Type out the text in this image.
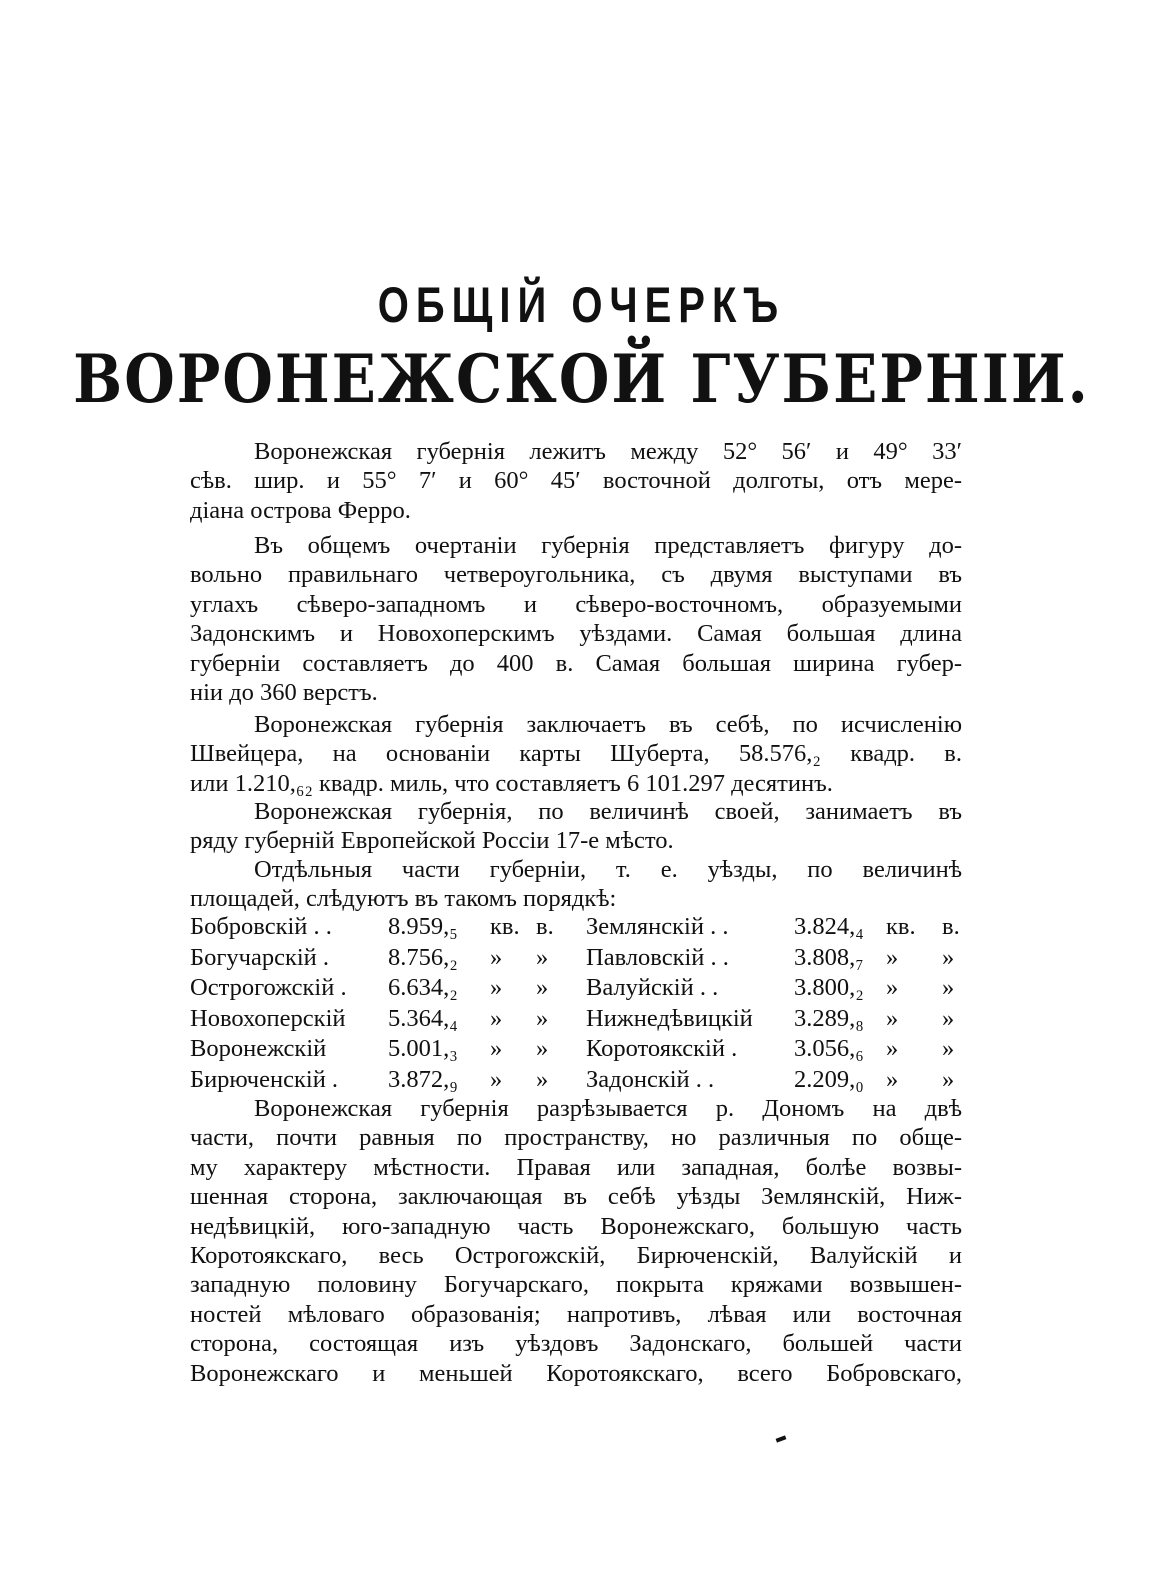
ОБЩІЙ ОЧЕРКЪ
ВОРОНЕЖСКОЙ ГУБЕРНІИ.
Воронежская губернія лежитъ между 52° 56′ и 49° 33′
сѣв. шир. и 55° 7′ и 60° 45′ восточной долготы, отъ мере-
діана острова Ферро.
Въ общемъ очертаніи губернія представляетъ фигуру до-
вольно правильнаго четвероугольника, съ двумя выступами въ
углахъ сѣверо-западномъ и сѣверо-восточномъ, образуемыми
Задонскимъ и Новохоперскимъ уѣздами. Самая большая длина
губерніи составляетъ до 400 в. Самая большая ширина губер-
ніи до 360 верстъ.
Воронежская губернія заключаетъ въ себѣ, по исчисленію
Швейцера, на основаніи карты Шуберта, 58.576,₂ квадр. в.
или 1.210,₆₂ квадр. миль, что составляетъ 6 101.297 десятинъ.
Воронежская губернія, по величинѣ своей, занимаетъ въ
ряду губерній Европейской Россіи 17-е мѣсто.
Отдѣльныя части губерніи, т. е. уѣзды, по величинѣ
площадей, слѣдуютъ въ такомъ порядкѣ:
Бобровскій . . 8.959,₅ кв. в. Землянскій . .	3.824,₄ кв. в.
Богучарскій . 8.756,₂ » » Павловскій . .	3.808,₇ » »
Острогожскій . 6.634,₂ » » Валуйскій . .	3.800,₂ » »
Новохоперскій 5.364,₄ » » Нижнедѣвицкій 3.289,₈ » »
Воронежскій	5.001,₃ » » Коротоякскій . 3.056,₆ » »
Бирюченскій . 3.872,₉ » » Задонскій . .	2.209,₀ » »
Воронежская губернія разрѣзывается р. Дономъ на двѣ
части, почти равныя по пространству, но различныя по обще-
му характеру мѣстности. Правая или западная, болѣе возвы-
шенная сторона, заключающая въ себѣ уѣзды Землянскій, Ниж-
недѣвицкій, юго-западную часть Воронежскаго, большую часть
Коротоякскаго, весь Острогожскій, Бирюченскій, Валуйскій и
западную половину Богучарскаго, покрыта кряжами возвышен-
ностей мѣловаго образованія; напротивъ, лѣвая или восточная
сторона, состоящая изъ уѣздовъ Задонскаго, большей части
Воронежскаго и меньшей Коротоякскаго, всего Бобровскаго,
